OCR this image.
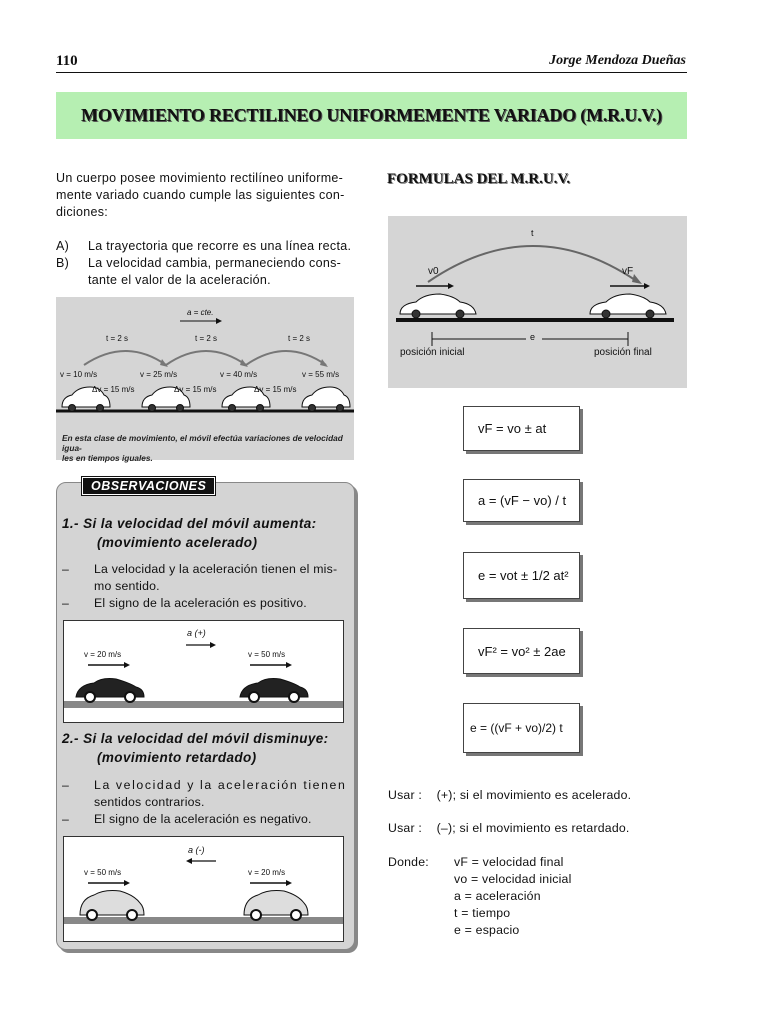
110	Jorge Mendoza Dueñas
MOVIMIENTO RECTILINEO UNIFORMEMENTE VARIADO (M.R.U.V.)
Un cuerpo posee movimiento rectilíneo uniforme-
mente variado cuando cumple las siguientes con-
diciones:
A)	La trayectoria que recorre es una línea recta.
B)	La velocidad cambia, permaneciendo cons-
tante el valor de la aceleración.
a = cte.
t = 2 s	t = 2 s	t = 2 s
v = 10 m/s	v = 25 m/s	v = 40 m/s	v = 55 m/s
Δv = 15 m/s	Δv = 15 m/s	Δv = 15 m/s
En esta clase de movimiento, el móvil efectúa variaciones de velocidad igua-
les en tiempos iguales.
OBSERVACIONES
1.- Si la velocidad del móvil aumenta:
(movimiento acelerado)
–	La velocidad y la aceleración tienen el mis-
mo sentido.
–	El signo de la aceleración es positivo.
a (+)
v = 20 m/s	v = 50 m/s
2.- Si la velocidad del móvil disminuye:
(movimiento retardado)
–	La velocidad y la aceleración tienen
sentidos contrarios.
–	El signo de la aceleración es negativo.
a (-)
v = 50 m/s	v = 20 m/s
FORMULAS DEL M.R.U.V.
t
v0	vF
e
posición inicial	posición final
vF = vo ± at
a = (vF − vo) / t
e = vot ± 1/2 at²
vF² = vo² ± 2ae
e = ((vF + vo)/2) t
Usar : (+); si el movimiento es acelerado.
Usar : (–); si el movimiento es retardado.
Donde:	vF = velocidad final
vo = velocidad inicial
a = aceleración
t = tiempo
e = espacio
